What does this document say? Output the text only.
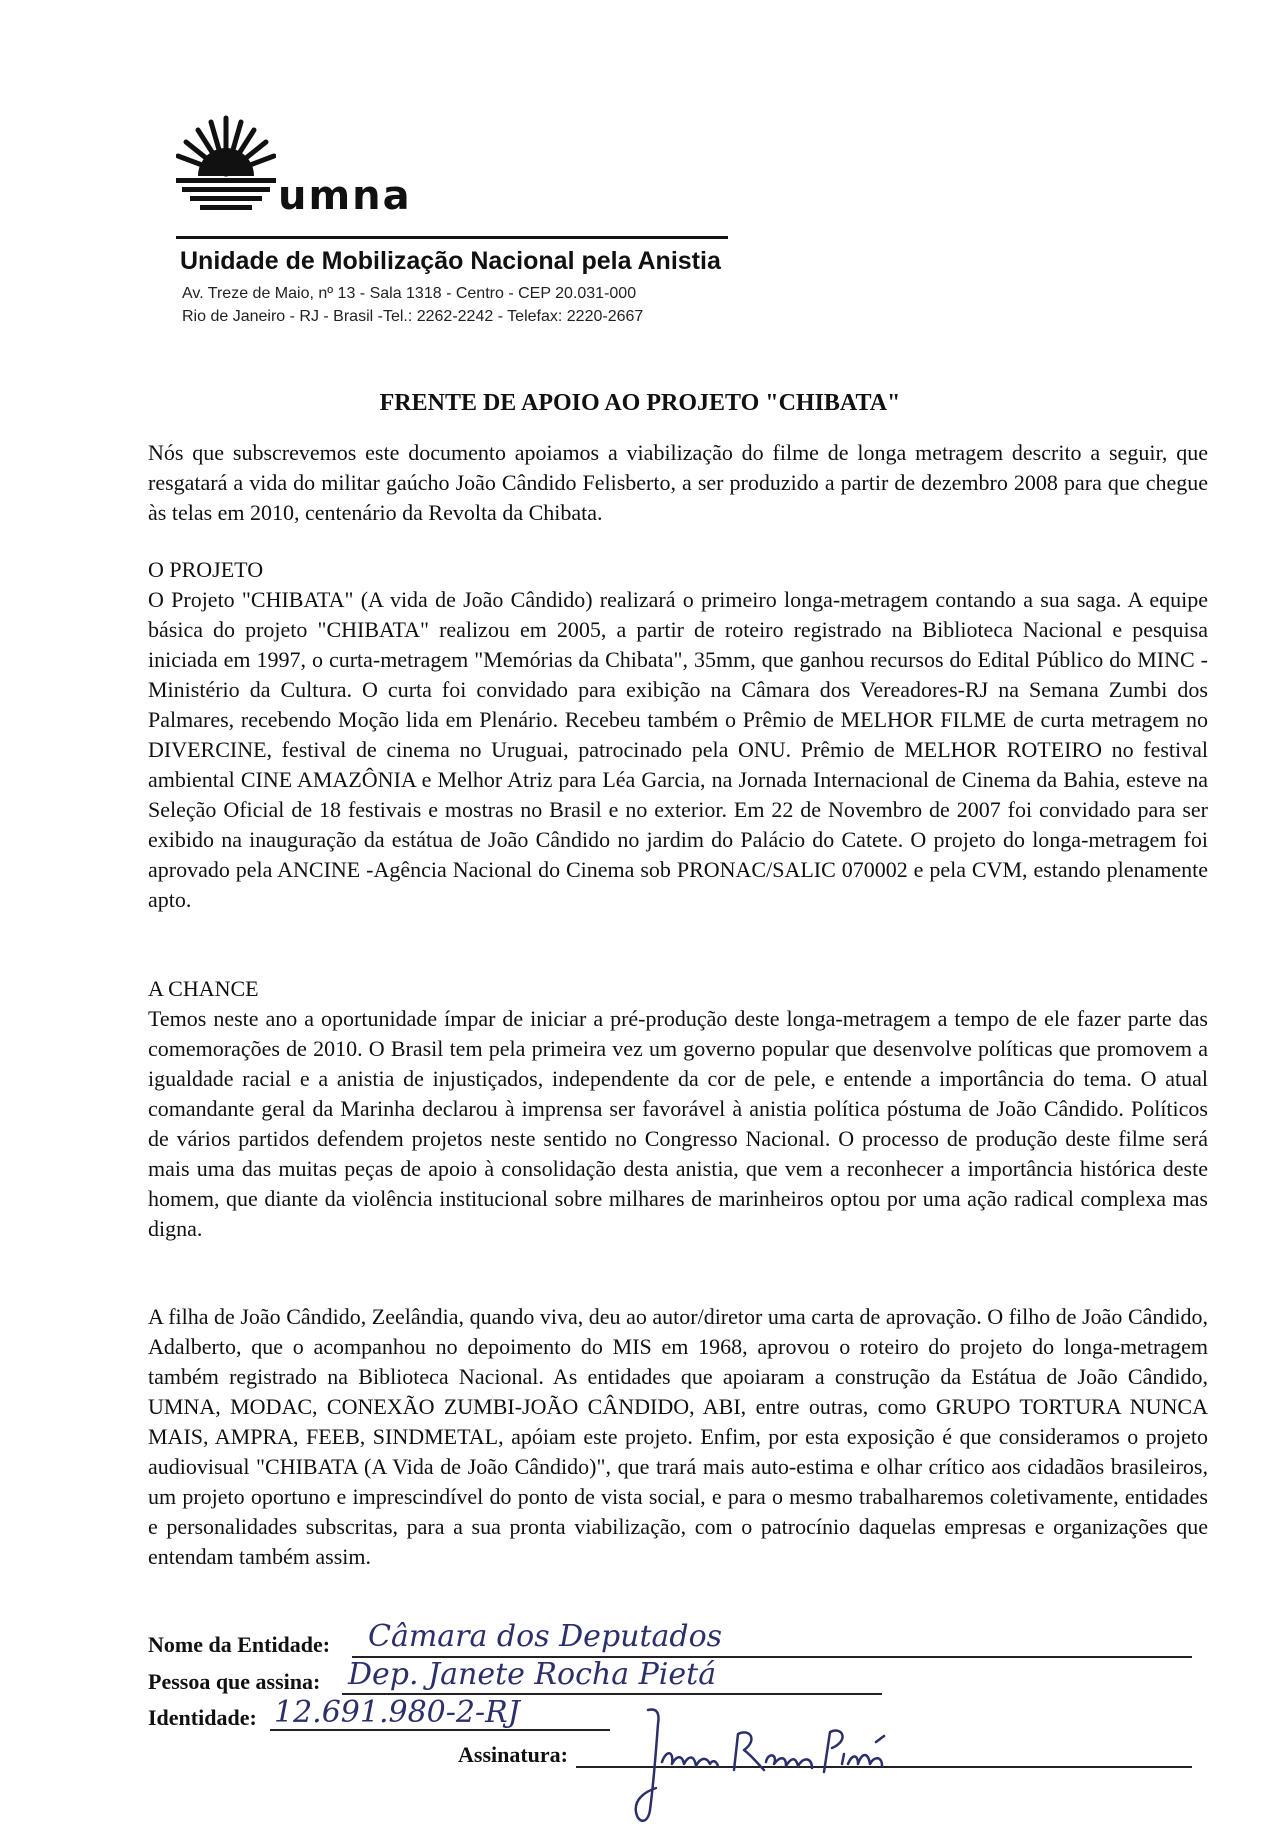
umna
Unidade de Mobilização Nacional pela Anistia
Av. Treze de Maio, nº 13 - Sala 1318 - Centro - CEP 20.031-000
Rio de Janeiro - RJ - Brasil -Tel.: 2262-2242 - Telefax: 2220-2667
FRENTE DE APOIO AO PROJETO "CHIBATA"
Nós que subscrevemos este documento apoiamos a viabilização do filme de longa metragem descrito a seguir, que resgatará a vida do militar gaúcho João Cândido Felisberto, a ser produzido a partir de dezembro 2008 para que chegue às telas em 2010, centenário da Revolta da Chibata.
O PROJETO
O Projeto "CHIBATA" (A vida de João Cândido) realizará o primeiro longa-metragem contando a sua saga. A equipe básica do projeto "CHIBATA" realizou em 2005, a partir de roteiro registrado na Biblioteca Nacional e pesquisa iniciada em 1997, o curta-metragem "Memórias da Chibata", 35mm, que ganhou recursos do Edital Público do MINC - Ministério da Cultura. O curta foi convidado para exibição na Câmara dos Vereadores-RJ na Semana Zumbi dos Palmares, recebendo Moção lida em Plenário. Recebeu também o Prêmio de MELHOR FILME de curta metragem no DIVERCINE, festival de cinema no Uruguai, patrocinado pela ONU. Prêmio de MELHOR ROTEIRO no festival ambiental CINE AMAZÔNIA e Melhor Atriz para Léa Garcia, na Jornada Internacional de Cinema da Bahia, esteve na Seleção Oficial de 18 festivais e mostras no Brasil e no exterior. Em 22 de Novembro de 2007 foi convidado para ser exibido na inauguração da estátua de João Cândido no jardim do Palácio do Catete. O projeto do longa-metragem foi aprovado pela ANCINE -Agência Nacional do Cinema sob PRONAC/SALIC 070002 e pela CVM, estando plenamente apto.
A CHANCE
Temos neste ano a oportunidade ímpar de iniciar a pré-produção deste longa-metragem a tempo de ele fazer parte das comemorações de 2010. O Brasil tem pela primeira vez um governo popular que desenvolve políticas que promovem a igualdade racial e a anistia de injustiçados, independente da cor de pele, e entende a importância do tema. O atual comandante geral da Marinha declarou à imprensa ser favorável à anistia política póstuma de João Cândido. Políticos de vários partidos defendem projetos neste sentido no Congresso Nacional. O processo de produção deste filme será mais uma das muitas peças de apoio à consolidação desta anistia, que vem a reconhecer a importância histórica deste homem, que diante da violência institucional sobre milhares de marinheiros optou por uma ação radical complexa mas digna.
A filha de João Cândido, Zeelândia, quando viva, deu ao autor/diretor uma carta de aprovação. O filho de João Cândido, Adalberto, que o acompanhou no depoimento do MIS em 1968, aprovou o roteiro do projeto do longa-metragem também registrado na Biblioteca Nacional. As entidades que apoiaram a construção da Estátua de João Cândido, UMNA, MODAC, CONEXÃO ZUMBI-JOÃO CÂNDIDO, ABI, entre outras, como GRUPO TORTURA NUNCA MAIS, AMPRA, FEEB, SINDMETAL, apóiam este projeto. Enfim, por esta exposição é que consideramos o projeto audiovisual "CHIBATA (A Vida de João Cândido)", que trará mais auto-estima e olhar crítico aos cidadãos brasileiros, um projeto oportuno e imprescindível do ponto de vista social, e para o mesmo trabalharemos coletivamente, entidades e personalidades subscritas, para a sua pronta viabilização, com o patrocínio daquelas empresas e organizações que entendam também assim.
Nome da Entidade: Câmara dos Deputados
Pessoa que assina: Dep. Janete Rocha Pietá
Identidade: 12.691.980-2-RJ
Assinatura:
